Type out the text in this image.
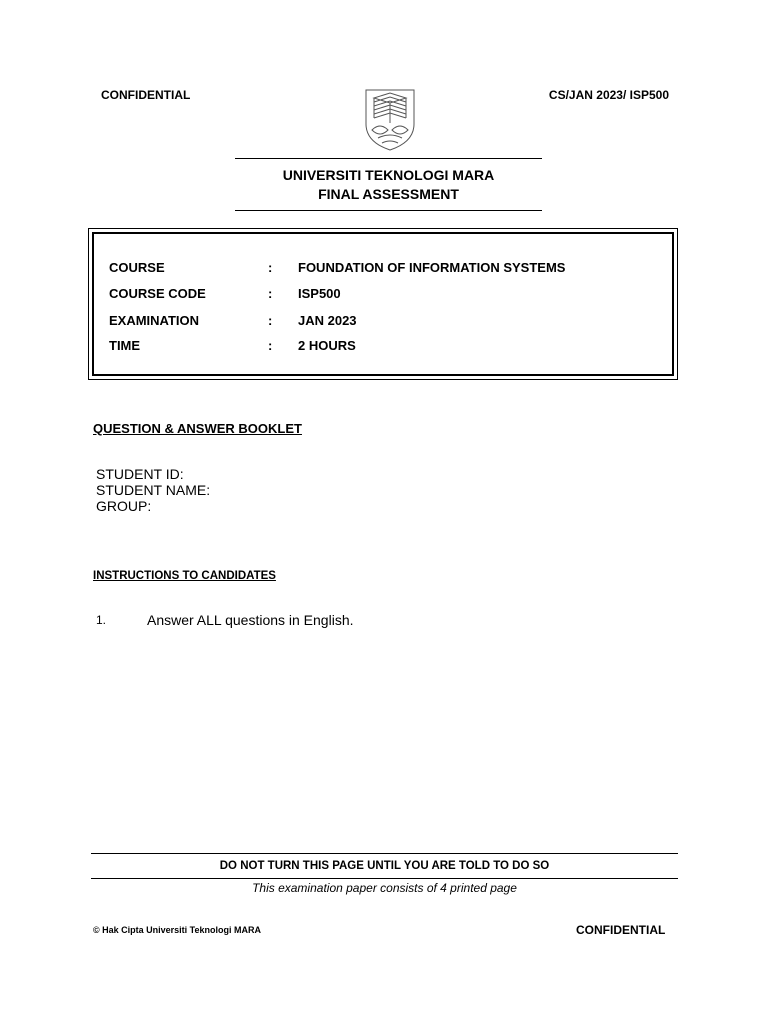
CONFIDENTIAL	CS/JAN 2023/ ISP500
UNIVERSITI TEKNOLOGI MARA
FINAL ASSESSMENT
COURSE	: FOUNDATION OF INFORMATION SYSTEMS
COURSE CODE	: ISP500
EXAMINATION	: JAN 2023
TIME	: 2 HOURS
QUESTION & ANSWER BOOKLET
STUDENT ID:
STUDENT NAME:
GROUP:
INSTRUCTIONS TO CANDIDATES
1.	Answer ALL questions in English.
DO NOT TURN THIS PAGE UNTIL YOU ARE TOLD TO DO SO
This examination paper consists of 4 printed page
© Hak Cipta Universiti Teknologi MARA	CONFIDENTIAL
